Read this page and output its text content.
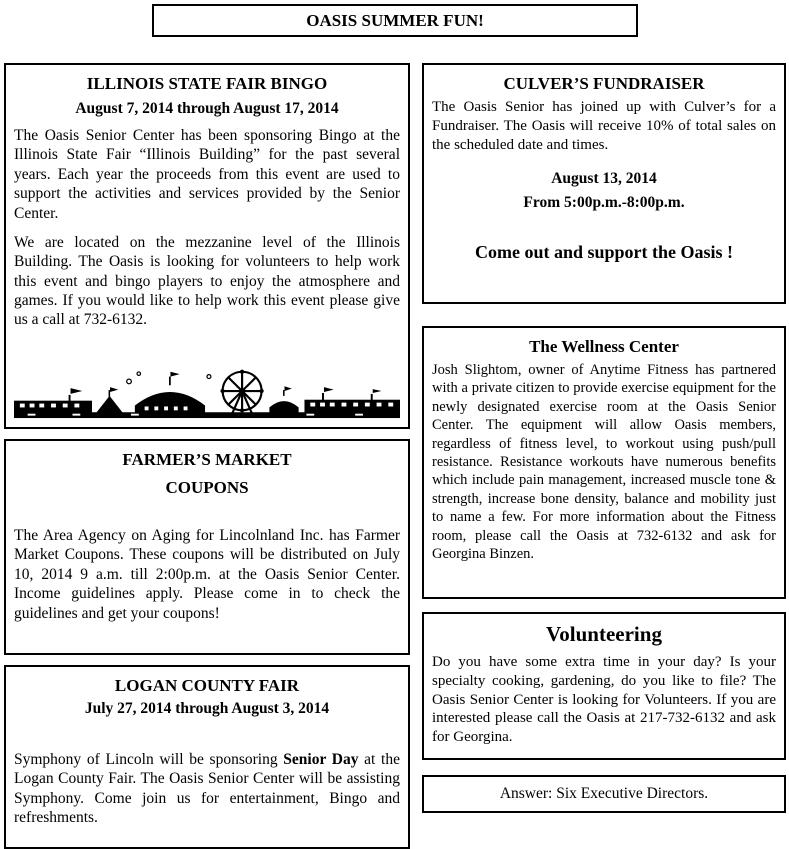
OASIS SUMMER FUN!
ILLINOIS STATE FAIR BINGO
August 7, 2014 through August 17, 2014

The Oasis Senior Center has been sponsoring Bingo at the Illinois State Fair “Illinois Building” for the past several years. Each year the proceeds from this event are used to support the activities and services provided by the Senior Center.

We are located on the mezzanine level of the Illinois Building. The Oasis is looking for volunteers to help work this event and bingo players to enjoy the atmosphere and games. If you would like to help work this event please give us a call at 732-6132.

FARMER’S MARKET
COUPONS

The Area Agency on Aging for Lincolnland Inc. has Farmer Market Coupons. These coupons will be distributed on July 10, 2014 9 a.m. till 2:00p.m. at the Oasis Senior Center. Income guidelines apply. Please come in to check the guidelines and get your coupons!

LOGAN COUNTY FAIR
July 27, 2014 through August 3, 2014

Symphony of Lincoln will be sponsoring Senior Day at the Logan County Fair. The Oasis Senior Center will be assisting Symphony. Come join us for entertainment, Bingo and refreshments.

CULVER’S FUNDRAISER

The Oasis Senior has joined up with Culver’s for a Fundraiser. The Oasis will receive 10% of total sales on the scheduled date and times.

August 13, 2014
From 5:00p.m.-8:00p.m.
Come out and support the Oasis !
The Wellness Center

Josh Slightom, owner of Anytime Fitness has partnered with a private citizen to provide exercise equipment for the newly designated exercise room at the Oasis Senior Center. The equipment will allow Oasis members, regardless of fitness level, to workout using push/pull resistance. Resistance workouts have numerous benefits which include pain management, increased muscle tone & strength, increase bone density, balance and mobility just to name a few. For more information about the Fitness room, please call the Oasis at 732-6132 and ask for Georgina Binzen.

Volunteering

Do you have some extra time in your day? Is your specialty cooking, gardening, do you like to file? The Oasis Senior Center is looking for Volunteers. If you are interested please call the Oasis at 217-732-6132 and ask for Georgina.

Answer: Six Executive Directors.
